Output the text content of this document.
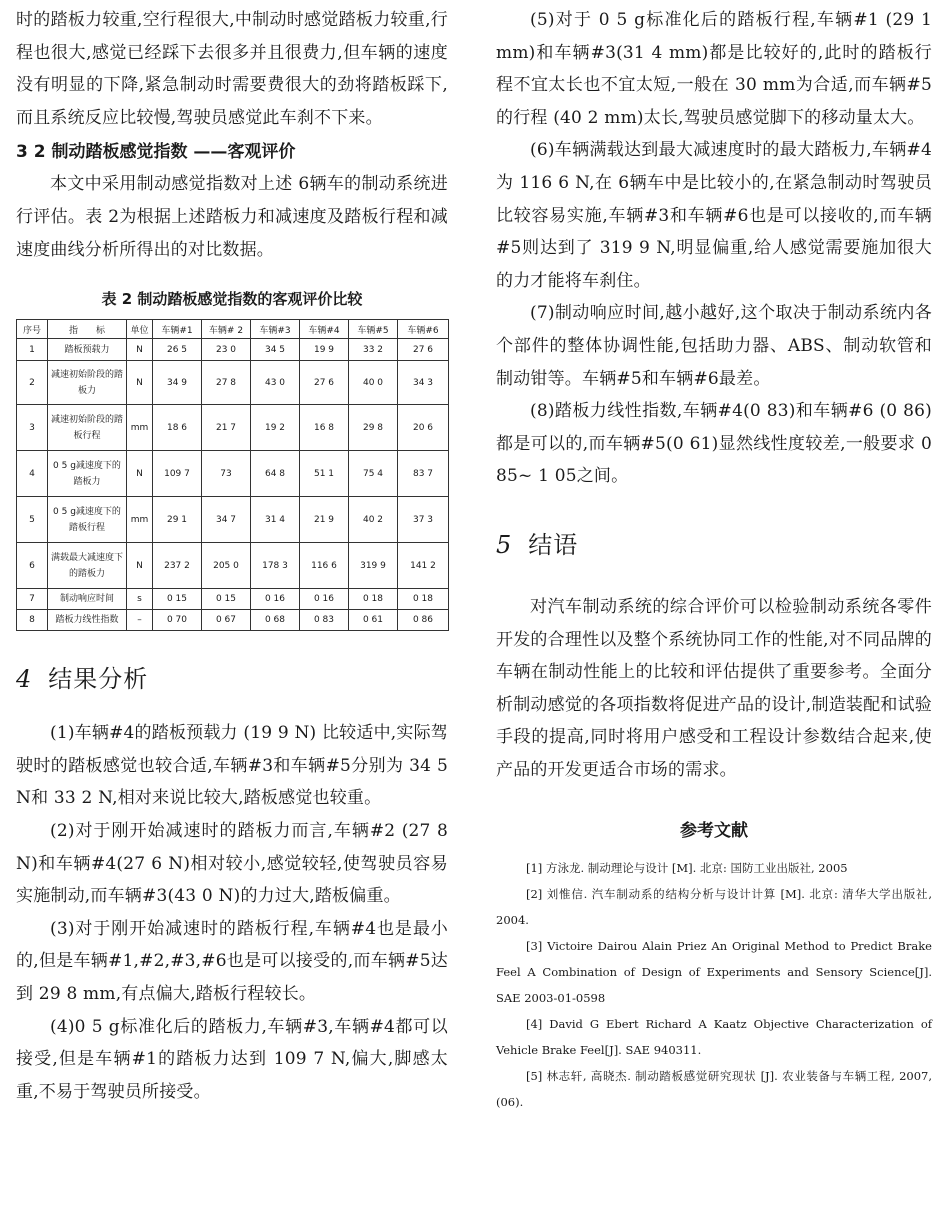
时的踏板力较重,空行程很大,中制动时感觉踏板力较重,行程也很大,感觉已经踩下去很多并且很费力,但车辆的速度没有明显的下降,紧急制动时需要费很大的劲将踏板踩下,而且系统反应比较慢,驾驶员感觉此车刹不下来。

3 2 制动踏板感觉指数 ——客观评价

本文中采用制动感觉指数对上述 6辆车的制动系统进行评估。表 2为根据上述踏板力和减速度及踏板行程和减速度曲线分析所得出的对比数据。

表 2 制动踏板感觉指数的客观评价比较
序号	指　　标	单位	车辆#1	车辆# 2	车辆#3	车辆#4	车辆#5	车辆#6
1	踏板预载力	N	26 5	23 0	34 5	19 9	33 2	27 6
2	减速初始阶段的踏板力	N	34 9	27 8	43 0	27 6	40 0	34 3
3	减速初始阶段的踏板行程	mm	18 6	21 7	19 2	16 8	29 8	20 6
4	0 5 g减速度下的踏板力	N	109 7	73	64 8	51 1	75 4	83 7
5	0 5 g减速度下的踏板行程	mm	29 1	34 7	31 4	21 9	40 2	37 3
6	满载最大减速度下的踏板力	N	237 2	205 0	178 3	116 6	319 9	141 2
7	制动响应时间	s	0 15	0 15	0 16	0 16	0 18	0 18
8	踏板力线性指数	–	0 70	0 67	0 68	0 83	0 61	0 86
4 结果分析

(1)车辆#4的踏板预载力 (19 9 N) 比较适中,实际驾驶时的踏板感觉也较合适,车辆#3和车辆#5分别为 34 5 N和 33 2 N,相对来说比较大,踏板感觉也较重。

(2)对于刚开始减速时的踏板力而言,车辆#2 (27 8 N)和车辆#4(27 6 N)相对较小,感觉较轻,使驾驶员容易实施制动,而车辆#3(43 0 N)的力过大,踏板偏重。

(3)对于刚开始减速时的踏板行程,车辆#4也是最小的,但是车辆#1,#2,#3,#6也是可以接受的,而车辆#5达到 29 8 mm,有点偏大,踏板行程较长。

(4)0 5 g标准化后的踏板力,车辆#3,车辆#4都可以接受,但是车辆#1的踏板力达到 109 7 N,偏大,脚感太重,不易于驾驶员所接受。

(5)对于 0 5 g标准化后的踏板行程,车辆#1 (29 1 mm)和车辆#3(31 4 mm)都是比较好的,此时的踏板行程不宜太长也不宜太短,一般在 30 mm为合适,而车辆#5的行程 (40 2 mm)太长,驾驶员感觉脚下的移动量太大。

(6)车辆满载达到最大减速度时的最大踏板力,车辆#4为 116 6 N,在 6辆车中是比较小的,在紧急制动时驾驶员比较容易实施,车辆#3和车辆#6也是可以接收的,而车辆#5则达到了 319 9 N,明显偏重,给人感觉需要施加很大的力才能将车刹住。

(7)制动响应时间,越小越好,这个取决于制动系统内各个部件的整体协调性能,包括助力器、ABS、制动软管和制动钳等。车辆#5和车辆#6最差。

(8)踏板力线性指数,车辆#4(0 83)和车辆#6 (0 86)都是可以的,而车辆#5(0 61)显然线性度较差,一般要求 0 85~ 1 05之间。

5 结语

对汽车制动系统的综合评价可以检验制动系统各零件开发的合理性以及整个系统协同工作的性能,对不同品牌的车辆在制动性能上的比较和评估提供了重要参考。全面分析制动感觉的各项指数将促进产品的设计,制造装配和试验手段的提高,同时将用户感受和工程设计参数结合起来,使产品的开发更适合市场的需求。

参考文献

[1] 方泳龙. 制动理论与设计 [M]. 北京: 国防工业出版社, 2005

[2] 刘惟信. 汽车制动系的结构分析与设计计算 [M]. 北京: 清华大学出版社, 2004.

[3] Victoire Dairou Alain Priez An Original Method to Predict Brake Feel A Combination of Design of Experiments and Sensory Science[J]. SAE 2003-01-0598

[4] David G Ebert Richard A Kaatz Objective Characterization of Vehicle Brake Feel[J]. SAE 940311.

[5] 林志轩, 高晓杰. 制动踏板感觉研究现状 [J]. 农业装备与车辆工程, 2007, (06).
